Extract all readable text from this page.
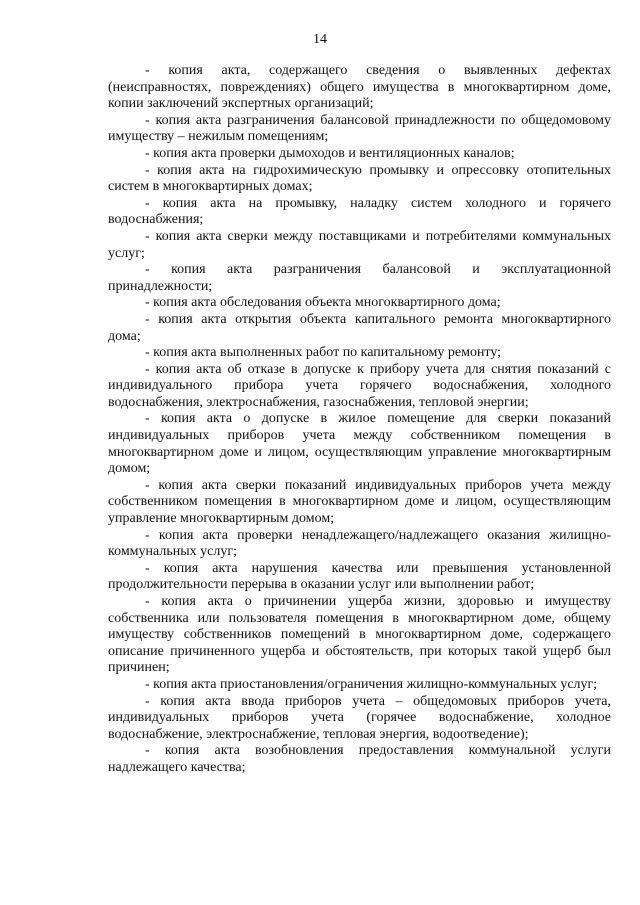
14

- копия акта, содержащего сведения о выявленных дефектах (неисправностях, повреждениях) общего имущества в многоквартирном доме, копии заключений экспертных организаций;

- копия акта разграничения балансовой принадлежности по общедомовому имуществу – нежилым помещениям;

- копия акта проверки дымоходов и вентиляционных каналов;

- копия акта на гидрохимическую промывку и опрессовку отопительных систем в многоквартирных домах;

- копия акта на промывку, наладку систем холодного и горячего водоснабжения;

- копия акта сверки между поставщиками и потребителями коммунальных услуг;

- копия акта разграничения балансовой и эксплуатационной принадлежности;

- копия акта обследования объекта многоквартирного дома;

- копия акта открытия объекта капитального ремонта многоквартирного дома;

- копия акта выполненных работ по капитальному ремонту;

- копия акта об отказе в допуске к прибору учета для снятия показаний с индивидуального прибора учета горячего водоснабжения, холодного водоснабжения, электроснабжения, газоснабжения, тепловой энергии;

- копия акта о допуске в жилое помещение для сверки показаний индивидуальных приборов учета между собственником помещения в многоквартирном доме и лицом, осуществляющим управление многоквартирным домом;

- копия акта сверки показаний индивидуальных приборов учета между собственником помещения в многоквартирном доме и лицом, осуществляющим управление многоквартирным домом;

- копия акта проверки ненадлежащего/надлежащего оказания жилищно-коммунальных услуг;

- копия акта нарушения качества или превышения установленной продолжительности перерыва в оказании услуг или выполнении работ;

- копия акта о причинении ущерба жизни, здоровью и имуществу собственника или пользователя помещения в многоквартирном доме, общему имуществу собственников помещений в многоквартирном доме, содержащего описание причиненного ущерба и обстоятельств, при которых такой ущерб был причинен;

- копия акта приостановления/ограничения жилищно-коммунальных услуг;

- копия акта ввода приборов учета – общедомовых приборов учета, индивидуальных приборов учета (горячее водоснабжение, холодное водоснабжение, электроснабжение, тепловая энергия, водоотведение);

- копия акта возобновления предоставления коммунальной услуги надлежащего качества;
